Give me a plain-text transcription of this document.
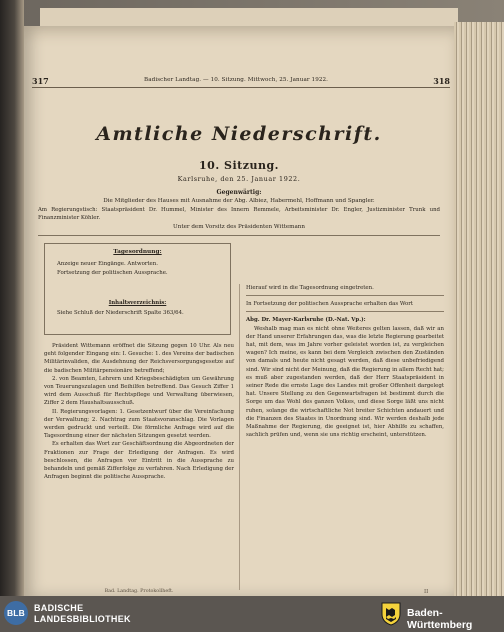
317	Badischer Landtag. — 10. Sitzung. Mittwoch, 25. Januar 1922.	318
Amtliche Niederschrift.
10. Sitzung.
Karlsruhe, den 25. Januar 1922.
Gegenwärtig:
Die Mitglieder des Hauses mit Ausnahme der Abg. Albiez, Habermehl, Hoffmann und Spangler.
Am Regierungstisch: Staatspräsident Dr. Hummel, Minister des Innern Remmele, Arbeitsminister Dr. Engler, Justizminister Trunk und Finanzminister Köhler.
Unter dem Vorsitz des Präsidenten Wittemann
Tagesordnung:
Anzeige neuer Eingänge. Antworten.
Fortsetzung der politischen Aussprache.
Inhaltsverzeichnis:
Siehe Schluß der Niederschrift Spalte 363/64.

Hierauf wird in die Tagesordnung eingetreten.

In Fortsetzung der politischen Aussprache erhalten das Wort

Abg. Dr. Mayer-Karlsruhe (D.-Nat. Vp.):

Weshalb mag man es nicht ohne Weiteres gelten lassen, daß wir an der Hand unserer Erfahrungen das, was die letzte Regierung gearbeitet hat, mit dem, was im Jahre vorher geleistet worden ist, zu vergleichen wagen? Ich meine, es kann bei dem Vergleich zwischen den Zuständen von damals und heute nicht gesagt werden, daß diese unbefriedigend sind. Wir sind nicht der Meinung, daß die Regierung in allem Recht hat; es muß aber zugestanden werden, daß der Herr Staatspräsident in seiner Rede die ernste Lage des Landes mit großer Offenheit dargelegt hat. Unsere Stellung zu den Gegenwartsfragen ist bestimmt durch die Sorge um das Wohl des ganzen Volkes, und diese Sorge läßt uns nicht ruhen, solange die wirtschaftliche Not breiter Schichten andauert und die Finanzen des Staates in Unordnung sind. Wir werden deshalb jede Maßnahme der Regierung, die geeignet ist, hier Abhilfe zu schaffen, sachlich prüfen und, wenn sie uns richtig erscheint, unterstützen.

Präsident Wittemann eröffnet die Sitzung gegen 10 Uhr. Als neu geht folgender Eingang ein: I. Gesuche: 1. des Vereins der badischen Militärinvaliden, die Ausdehnung der Reichsversorgungsgesetze auf die badischen Militärpensionäre betreffend;

2. von Beamten, Lehrern und Kriegsbeschädigten um Gewährung von Teuerungszulagen und Beihilfen betreffend. Das Gesuch Ziffer 1 wird dem Ausschuß für Rechtspflege und Verwaltung überwiesen, Ziffer 2 dem Haushaltsausschuß.

II. Regierungsvorlagen: 1. Gesetzentwurf über die Vereinfachung der Verwaltung; 2. Nachtrag zum Staatsvoranschlag. Die Vorlagen werden gedruckt und verteilt. Die förmliche Anfrage wird auf die Tagesordnung einer der nächsten Sitzungen gesetzt werden.

Es erhalten das Wort zur Geschäftsordnung die Abgeordneten der Fraktionen zur Frage der Erledigung der Anfragen. Es wird beschlossen, die Anfragen vor Eintritt in die Aussprache zu behandeln und gemäß Zifferfolge zu verfahren. Nach Erledigung der Anfragen beginnt die politische Aussprache.

Bad. Landtag. Protokollheft.	II
BLB BADISCHE
LANDESBIBLIOTHEK	Baden-Württemberg
